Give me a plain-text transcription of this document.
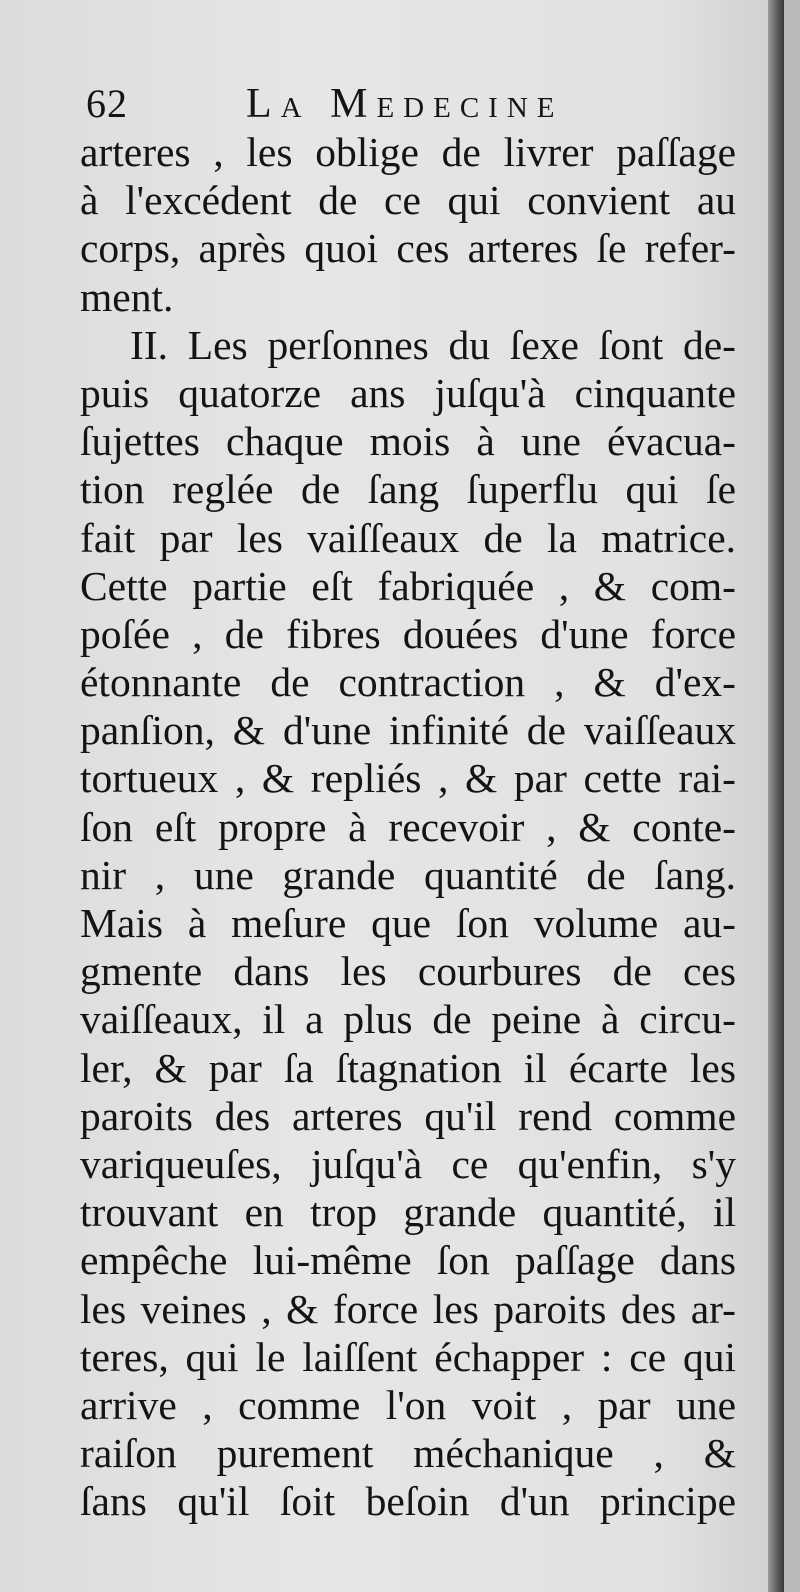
62	La Medecine
arteres , les oblige de livrer paſſage
à l'excédent de ce qui convient au
corps, après quoi ces arteres ſe refer-
ment.
II. Les perſonnes du ſexe ſont de-
puis quatorze ans juſqu'à cinquante
ſujettes chaque mois à une évacua-
tion reglée de ſang ſuperflu qui ſe
fait par les vaiſſeaux de la matrice.
Cette partie eſt fabriquée , & com-
poſée , de fibres douées d'une force
étonnante de contraction , & d'ex-
panſion, & d'une infinité de vaiſſeaux
tortueux , & repliés , & par cette rai-
ſon eſt propre à recevoir , & conte-
nir , une grande quantité de ſang.
Mais à meſure que ſon volume au-
gmente dans les courbures de ces
vaiſſeaux, il a plus de peine à circu-
ler, & par ſa ſtagnation il écarte les
paroits des arteres qu'il rend comme
variqueuſes, juſqu'à ce qu'enfin, s'y
trouvant en trop grande quantité, il
empêche lui-même ſon paſſage dans
les veines , & force les paroits des ar-
teres, qui le laiſſent échapper : ce qui
arrive , comme l'on voit , par une
raiſon purement méchanique , &
ſans qu'il ſoit beſoin d'un principe
